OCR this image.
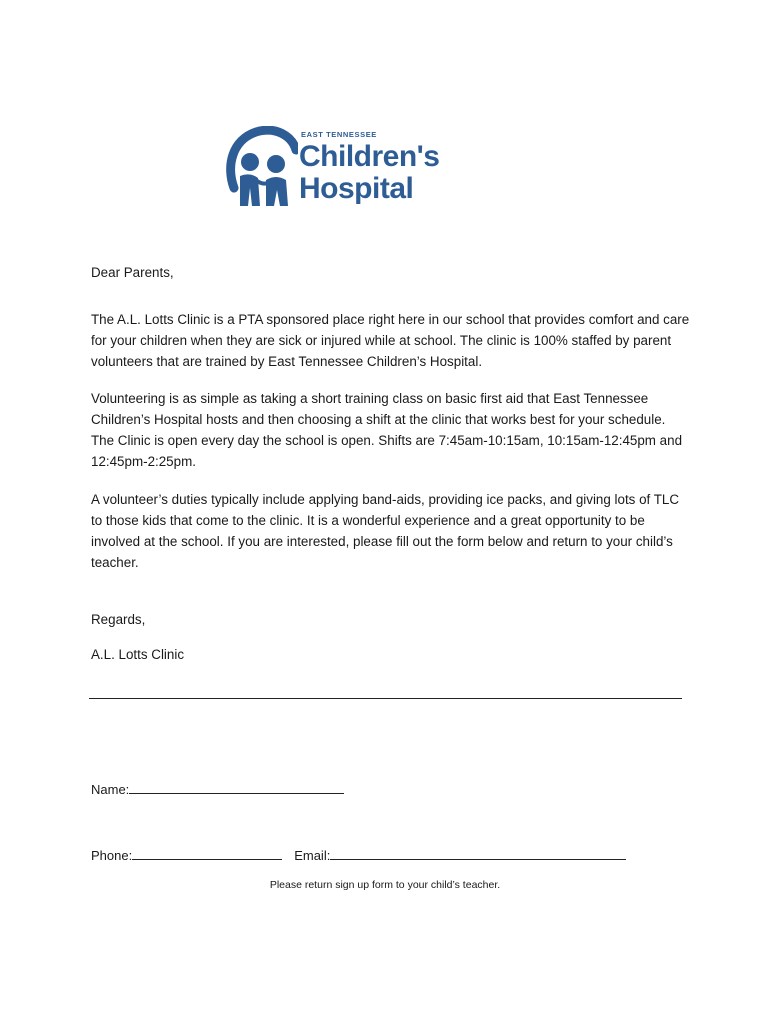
EAST TENNESSEE
Children's
Hospital
Dear Parents,

The A.L. Lotts Clinic is a PTA sponsored place right here in our school that provides comfort and care for your children when they are sick or injured while at school. The clinic is 100% staffed by parent volunteers that are trained by East Tennessee Children’s Hospital.

Volunteering is as simple as taking a short training class on basic first aid that East Tennessee Children’s Hospital hosts and then choosing a shift at the clinic that works best for your schedule. The Clinic is open every day the school is open. Shifts are 7:45am-10:15am, 10:15am-12:45pm and 12:45pm-2:25pm.

A volunteer’s duties typically include applying band-aids, providing ice packs, and giving lots of TLC to those kids that come to the clinic. It is a wonderful experience and a great opportunity to be involved at the school. If you are interested, please fill out the form below and return to your child’s teacher.

Regards,
A.L. Lotts Clinic
Name:
Phone:	Email:
Please return sign up form to your child’s teacher.
